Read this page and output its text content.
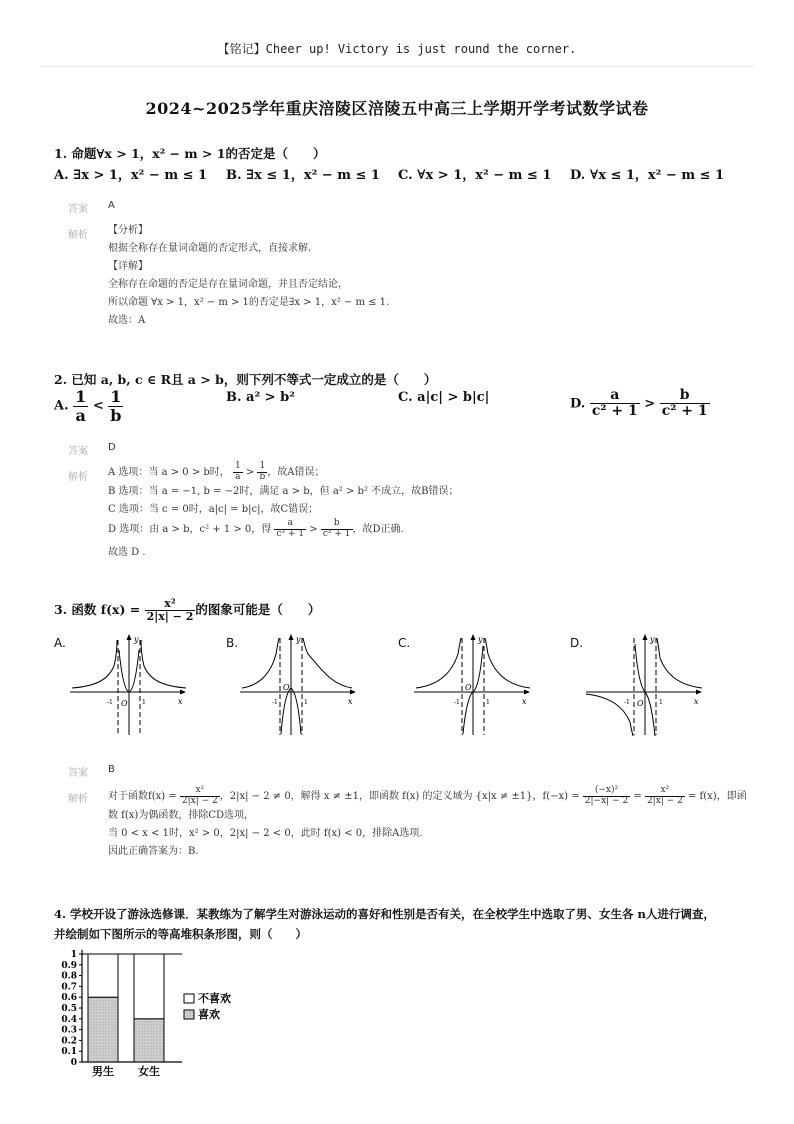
【铭记】Cheer up! Victory is just round the corner.
2024~2025学年重庆涪陵区涪陵五中高三上学期开学考试数学试卷
1. 命题∀x > 1，x² − m > 1的否定是（　　）
A. ∃x > 1，x² − m ≤ 1 B. ∃x ≤ 1，x² − m ≤ 1 C. ∀x > 1，x² − m ≤ 1 D. ∀x ≤ 1，x² − m ≤ 1
答案 A
解析 【分析】
根据全称存在量词命题的否定形式，直接求解.
【详解】
全称存在命题的否定是存在量词命题，并且否定结论，
所以命题 ∀x > 1，x² − m > 1的否定是∃x > 1，x² − m ≤ 1.
故选：A
2. 已知 a, b, c ∈ R且 a > b，则下列不等式一定成立的是（　　）
A. $\frac{1}{a} < \frac{1}{b}$	B. a² > b²	C. a|c| > b|c|	D. $\frac{a}{\text{c² + 1}} > \frac{b}{\text{c² + 1}}$
答案 D
解析 A 选项：当 a > 0 > b时， $\frac{1}{a} > \frac{1}{b}$ ，故A错误；
B 选项：当 a = −1, b = −2时，满足 a > b，但 a² > b² 不成立，故B错误；
C 选项：当 c = 0时，a|c| = b|c|，故C错误；
D 选项：由 a > b，c² + 1 > 0，得 $\frac{a}{\text{c² + 1}} > \frac{b}{\text{c² + 1}}$ ，故D正确.
故选 D .
3. 函数 $f(x) = \frac{\text{x²}}{2|x| - 2}$ 的图象可能是（　　）
A.	B.	C.	D.
y
x
O
-1	1
y
x
O
-1	1
y
x
O
-1	1
y
x
O
-1	1
答案 B
解析 对于函数$f(x) = \frac{\text{x²}}{2|x| - 2}$ ，2|x| − 2 ≠ 0，解得 x ≠ ±1，即函数 f(x) 的定义域为 {x|x ≠ ±1}，$f(-x) = \frac{\text{(−x)²}}{2|-x| - 2} = \frac{\text{x²}}{2|x| - 2} = f(x)$，即函
数 f(x)为偶函数，排除CD选项，
当 0 < x < 1时，x² > 0，2|x| − 2 < 0，此时 f(x) < 0，排除A选项.
因此正确答案为：B.
4. 学校开设了游泳选修课．某教练为了解学生对游泳运动的喜好和性别是否有关，在全校学生中选取了男、女生各 n人进行调查，
并绘制如下图所示的等高堆积条形图，则（　　）
0
0.1
0.2
0.3
0.4
0.5
0.6
0.7
0.8
0.9
1
男生 女生
不喜欢
喜欢
